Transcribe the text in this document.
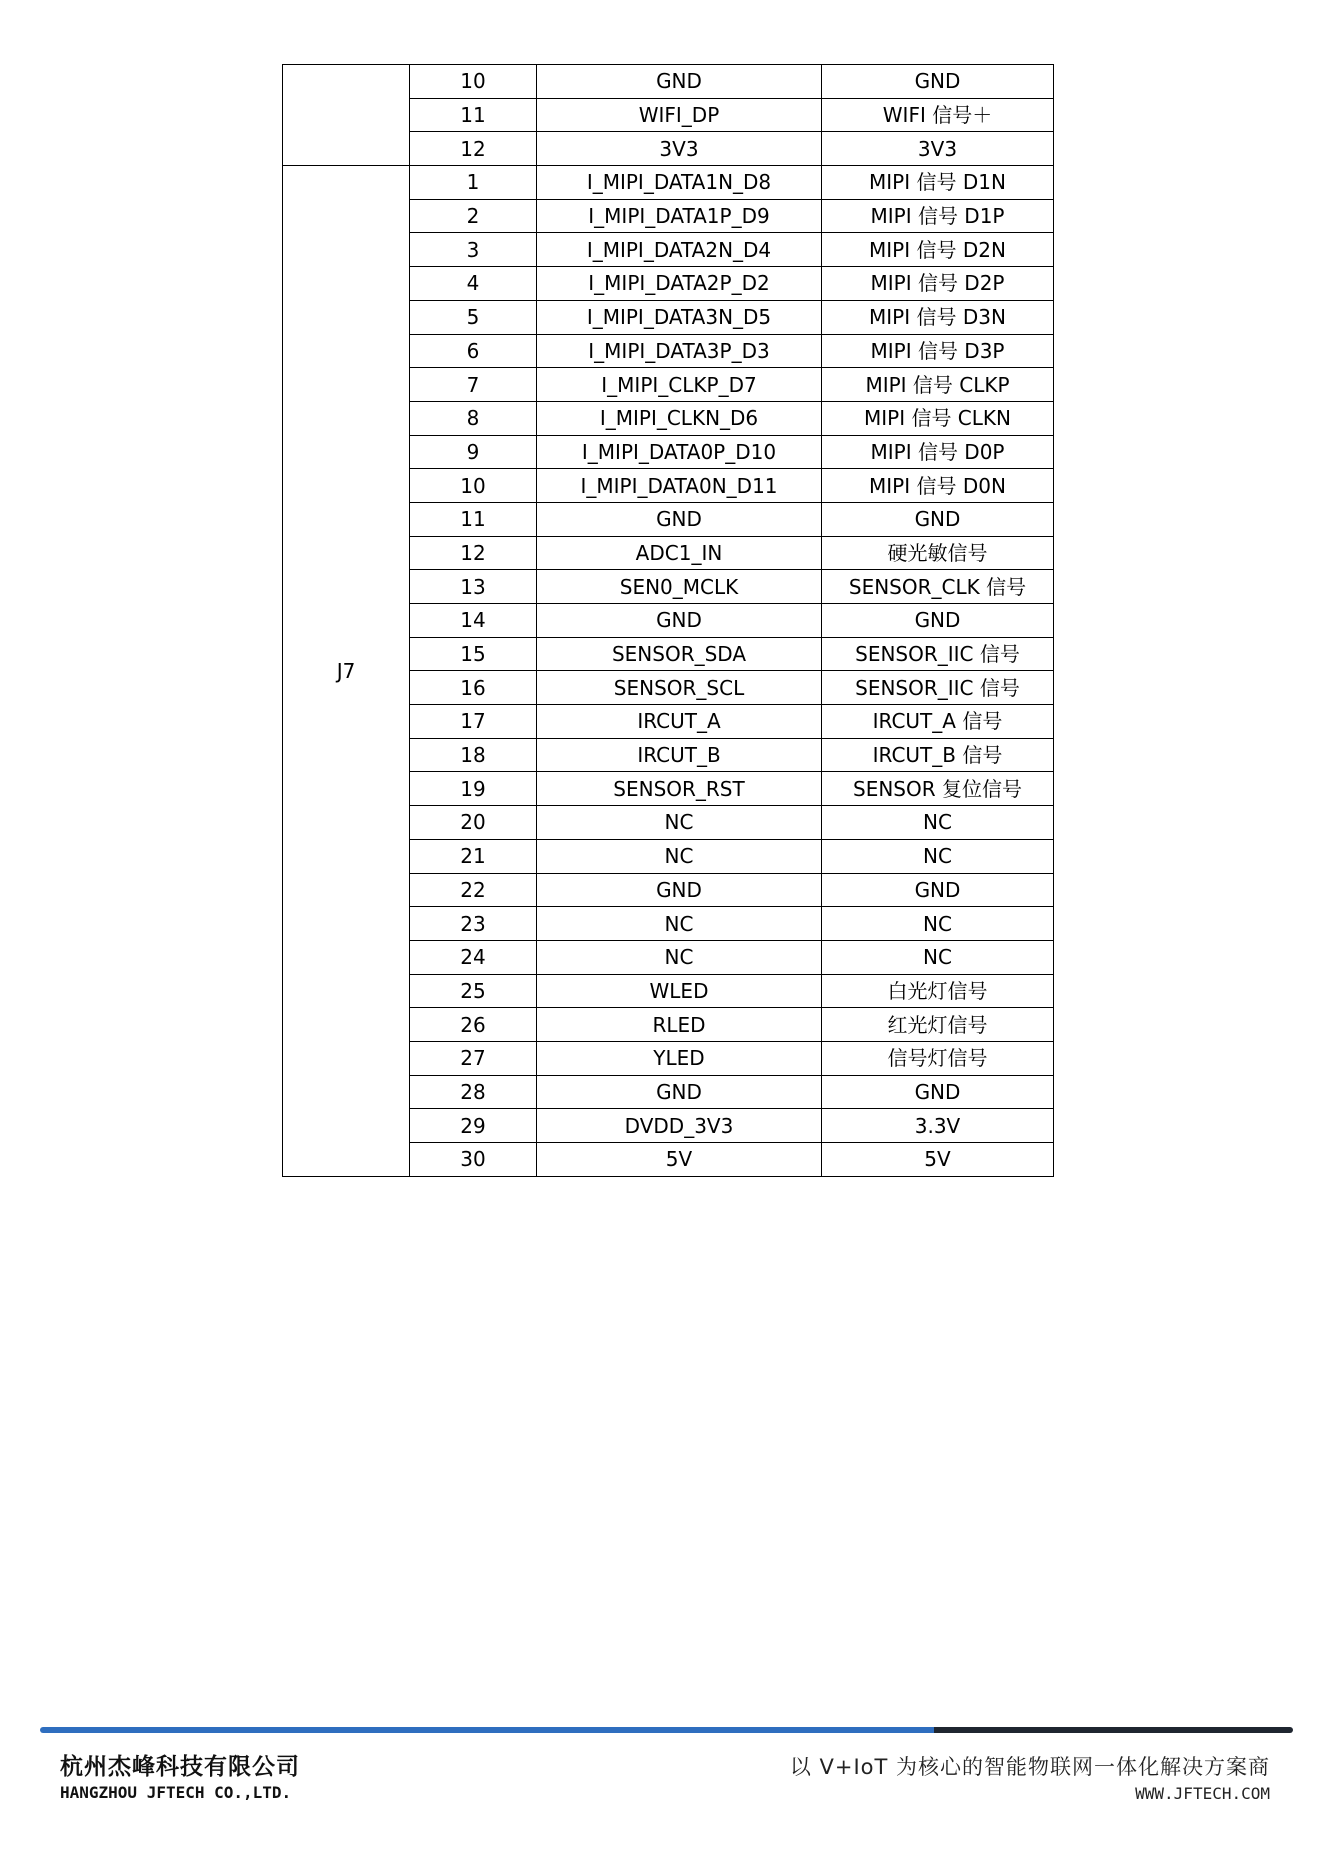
	10	GND	GND
	11	WIFI_DP	WIFI 信号＋
	12	3V3	3V3
J7	1	I_MIPI_DATA1N_D8	MIPI 信号 D1N
	2	I_MIPI_DATA1P_D9	MIPI 信号 D1P
	3	I_MIPI_DATA2N_D4	MIPI 信号 D2N
	4	I_MIPI_DATA2P_D2	MIPI 信号 D2P
	5	I_MIPI_DATA3N_D5	MIPI 信号 D3N
	6	I_MIPI_DATA3P_D3	MIPI 信号 D3P
	7	I_MIPI_CLKP_D7	MIPI 信号 CLKP
	8	I_MIPI_CLKN_D6	MIPI 信号 CLKN
	9	I_MIPI_DATA0P_D10	MIPI 信号 D0P
	10	I_MIPI_DATA0N_D11	MIPI 信号 D0N
	11	GND	GND
	12	ADC1_IN	硬光敏信号
	13	SEN0_MCLK	SENSOR_CLK 信号
	14	GND	GND
	15	SENSOR_SDA	SENSOR_IIC 信号
	16	SENSOR_SCL	SENSOR_IIC 信号
	17	IRCUT_A	IRCUT_A 信号
	18	IRCUT_B	IRCUT_B 信号
	19	SENSOR_RST	SENSOR 复位信号
	20	NC	NC
	21	NC	NC
	22	GND	GND
	23	NC	NC
	24	NC	NC
	25	WLED	白光灯信号
	26	RLED	红光灯信号
	27	YLED	信号灯信号
	28	GND	GND
	29	DVDD_3V3	3.3V
	30	5V	5V
杭州杰峰科技有限公司
HANGZHOU JFTECH CO.,LTD.
以 V+IoT 为核心的智能物联网一体化解决方案商
WWW.JFTECH.COM
